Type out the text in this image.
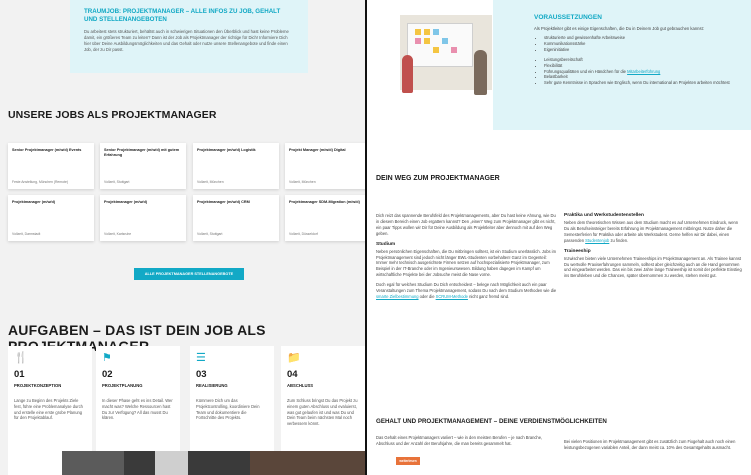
TRAUMJOB: PROJEKTMANAGER – ALLE INFOS ZU JOB, GEHALT UND STELLENANGEBOTEN
Du arbeitest stets strukturiert, behältst auch in schwierigen Situationen den Überblick und hast keine Probleme damit, ein größeres Team zu leiten? Dann ist der Job als Projektmanager der richtige für Dich! Informiere Dich hier über Deine Ausbildungsmöglichkeiten und das Gehalt oder nutze unsere Stellenangebote und finde einen Job, der zu Dir passt.
UNSERE JOBS ALS PROJEKTMANAGER
Senior Projektmanager (m/w/d) Events
Feste Anstellung, München (Remote)
Senior Projektmanager (m/w/d) mit gutem Erfahrung
Vollzeit, Stuttgart
Projektmanager (m/w/d) Logistik
Vollzeit, München
Projekt Manager (m/w/d) Digital
Vollzeit, München
Projektmanager (m/w/d)
Vollzeit, Darmstadt
Projektmanager (m/w/d)
Vollzeit, Karlsruhe
Projektmanager (m/w/d) CRM
Vollzeit, Stuttgart
Projektmanager SDM-Migration (m/w/d)
Vollzeit, Düsseldorf
ALLE PROJEKTMANAGER STELLENANGEBOTE
AUFGABEN – DAS IST DEIN JOB ALS
🍴
01
PROJEKTKONZEPTION
Lange zu Beginn des Projekts Ziele fest, führe eine Problemanalyse durch und erstelle eine erste grobe Planung für den Projektablauf.
⚑
02
PROJEKTPLANUNG
In dieser Phase geht es ins Detail. Wer macht was? Welche Ressourcen hast Du zur Verfügung? All das musst Du klären.
☰
03
REALISIERUNG
Kümmere Dich um das Projektcontrolling, koordiniere Dein Team und dokumentiere die Fortschritte des Projekts.
📁
04
ABSCHLUSS
Zum Schluss bringst Du das Projekt zu einem guten Abschluss und evaluierst, was gut gelaufen ist und was Du und Dein Team beim nächsten Mal noch verbessern könnt.
VORAUSSETZUNGEN
Als Projektleiter gibt es einige Eigenschaften, die Du in Deinem Job gut gebrauchen kannst:
• strukturierte und gewissenhafte Arbeitsweise
• Kommunikationsstärke
• Eigeninitiative
• Leistungsbereitschaft
• Flexibilität
• Führungsqualitäten und ein Händchen für die Mitarbeiterführung
• Belastbarkeit
• Sehr gute Kenntnisse in Sprachen wie Englisch, wenn Du international an Projekten arbeiten möchtest
DEIN WEG ZUM PROJEKTMANAGER
Dich reizt das spannende Berufsfeld des Projektmanagements, aber Du hast keine Ahnung, wie Du in diesem Bereich einen Job ergattern kannst? Den „einen“ Weg zum Projektmanager gibt es nicht, ein paar Tipps wollen wir Dir für Deine Ausbildung als Projektleiter aber dennoch mit auf den Weg geben.
Studium
Neben persönlichen Eigenschaften, die Du mitbringen solltest, ist ein Studium unerlässlich. Jobs im Projektmanagement sind jedoch nicht länger BWL-Studenten vorbehalten! Ganz im Gegenteil: Immer mehr technisch ausgerichtete Firmen setzen auf hochspezialisierte Projektmanager, zum Beispiel in der IT-Branche oder im Ingenieurswesen. Bildung haben dagegen im Kampf um wirtschaftliche Projekte bei der Jobsuche meist die Nase vorne.
Doch egal für welches Studium Du Dich entscheidest – belege nach Möglichkeit auch ein paar Veranstaltungen zum Thema Projektmanagement, sodass Du nach dem Studium Methoden wie die smarte Zielbestimmung oder die SCRUM-Methode nicht ganz fremd sind.
Praktika und Werkstudentenstellen
Neben dem theoretischen Wissen aus dem Studium macht es auf Unternehmen Eindruck, wenn Du als Berufseinsteiger bereits Erfahrung im Projektmanagement mitbringst. Nutze daher die Semesterferien für Praktika oder arbeite als Werkstudent. Gerne helfen wir Dir dabei, einen passenden Studentenjob zu finden.
Traineeship
Inzwischen bieten viele Unternehmen Traineeships im Projektmanagement an. Als Trainee kannst Du wertvolle Praxiserfahrungen sammeln, solltest aber gleichzeitig auch an die Hand genommen und eingearbeitet werden. Das ein bis zwei Jahre lange Traineeship ist somit der perfekte Einstieg ins Berufsleben und die Chancen, später übernommen zu werden, stehen meist gut.
GEHALT UND PROJEKTMANAGEMENT – DEINE VERDIENSTMÖGLICHKEITEN
Das Gehalt eines Projektmanagers variiert – wie in den meisten Berufen – je nach Branche, Abschluss und der Anzahl der Berufsjahre, die man bereits gesammelt hat.	Bei vielen Positionen im Projektmanagement gibt es zusätzlich zum Fixgehalt auch noch einen leistungsbezogenen variablen Anteil, der dann meist ca. 10% des Gesamtgehalts ausmacht.
weiterlesen
